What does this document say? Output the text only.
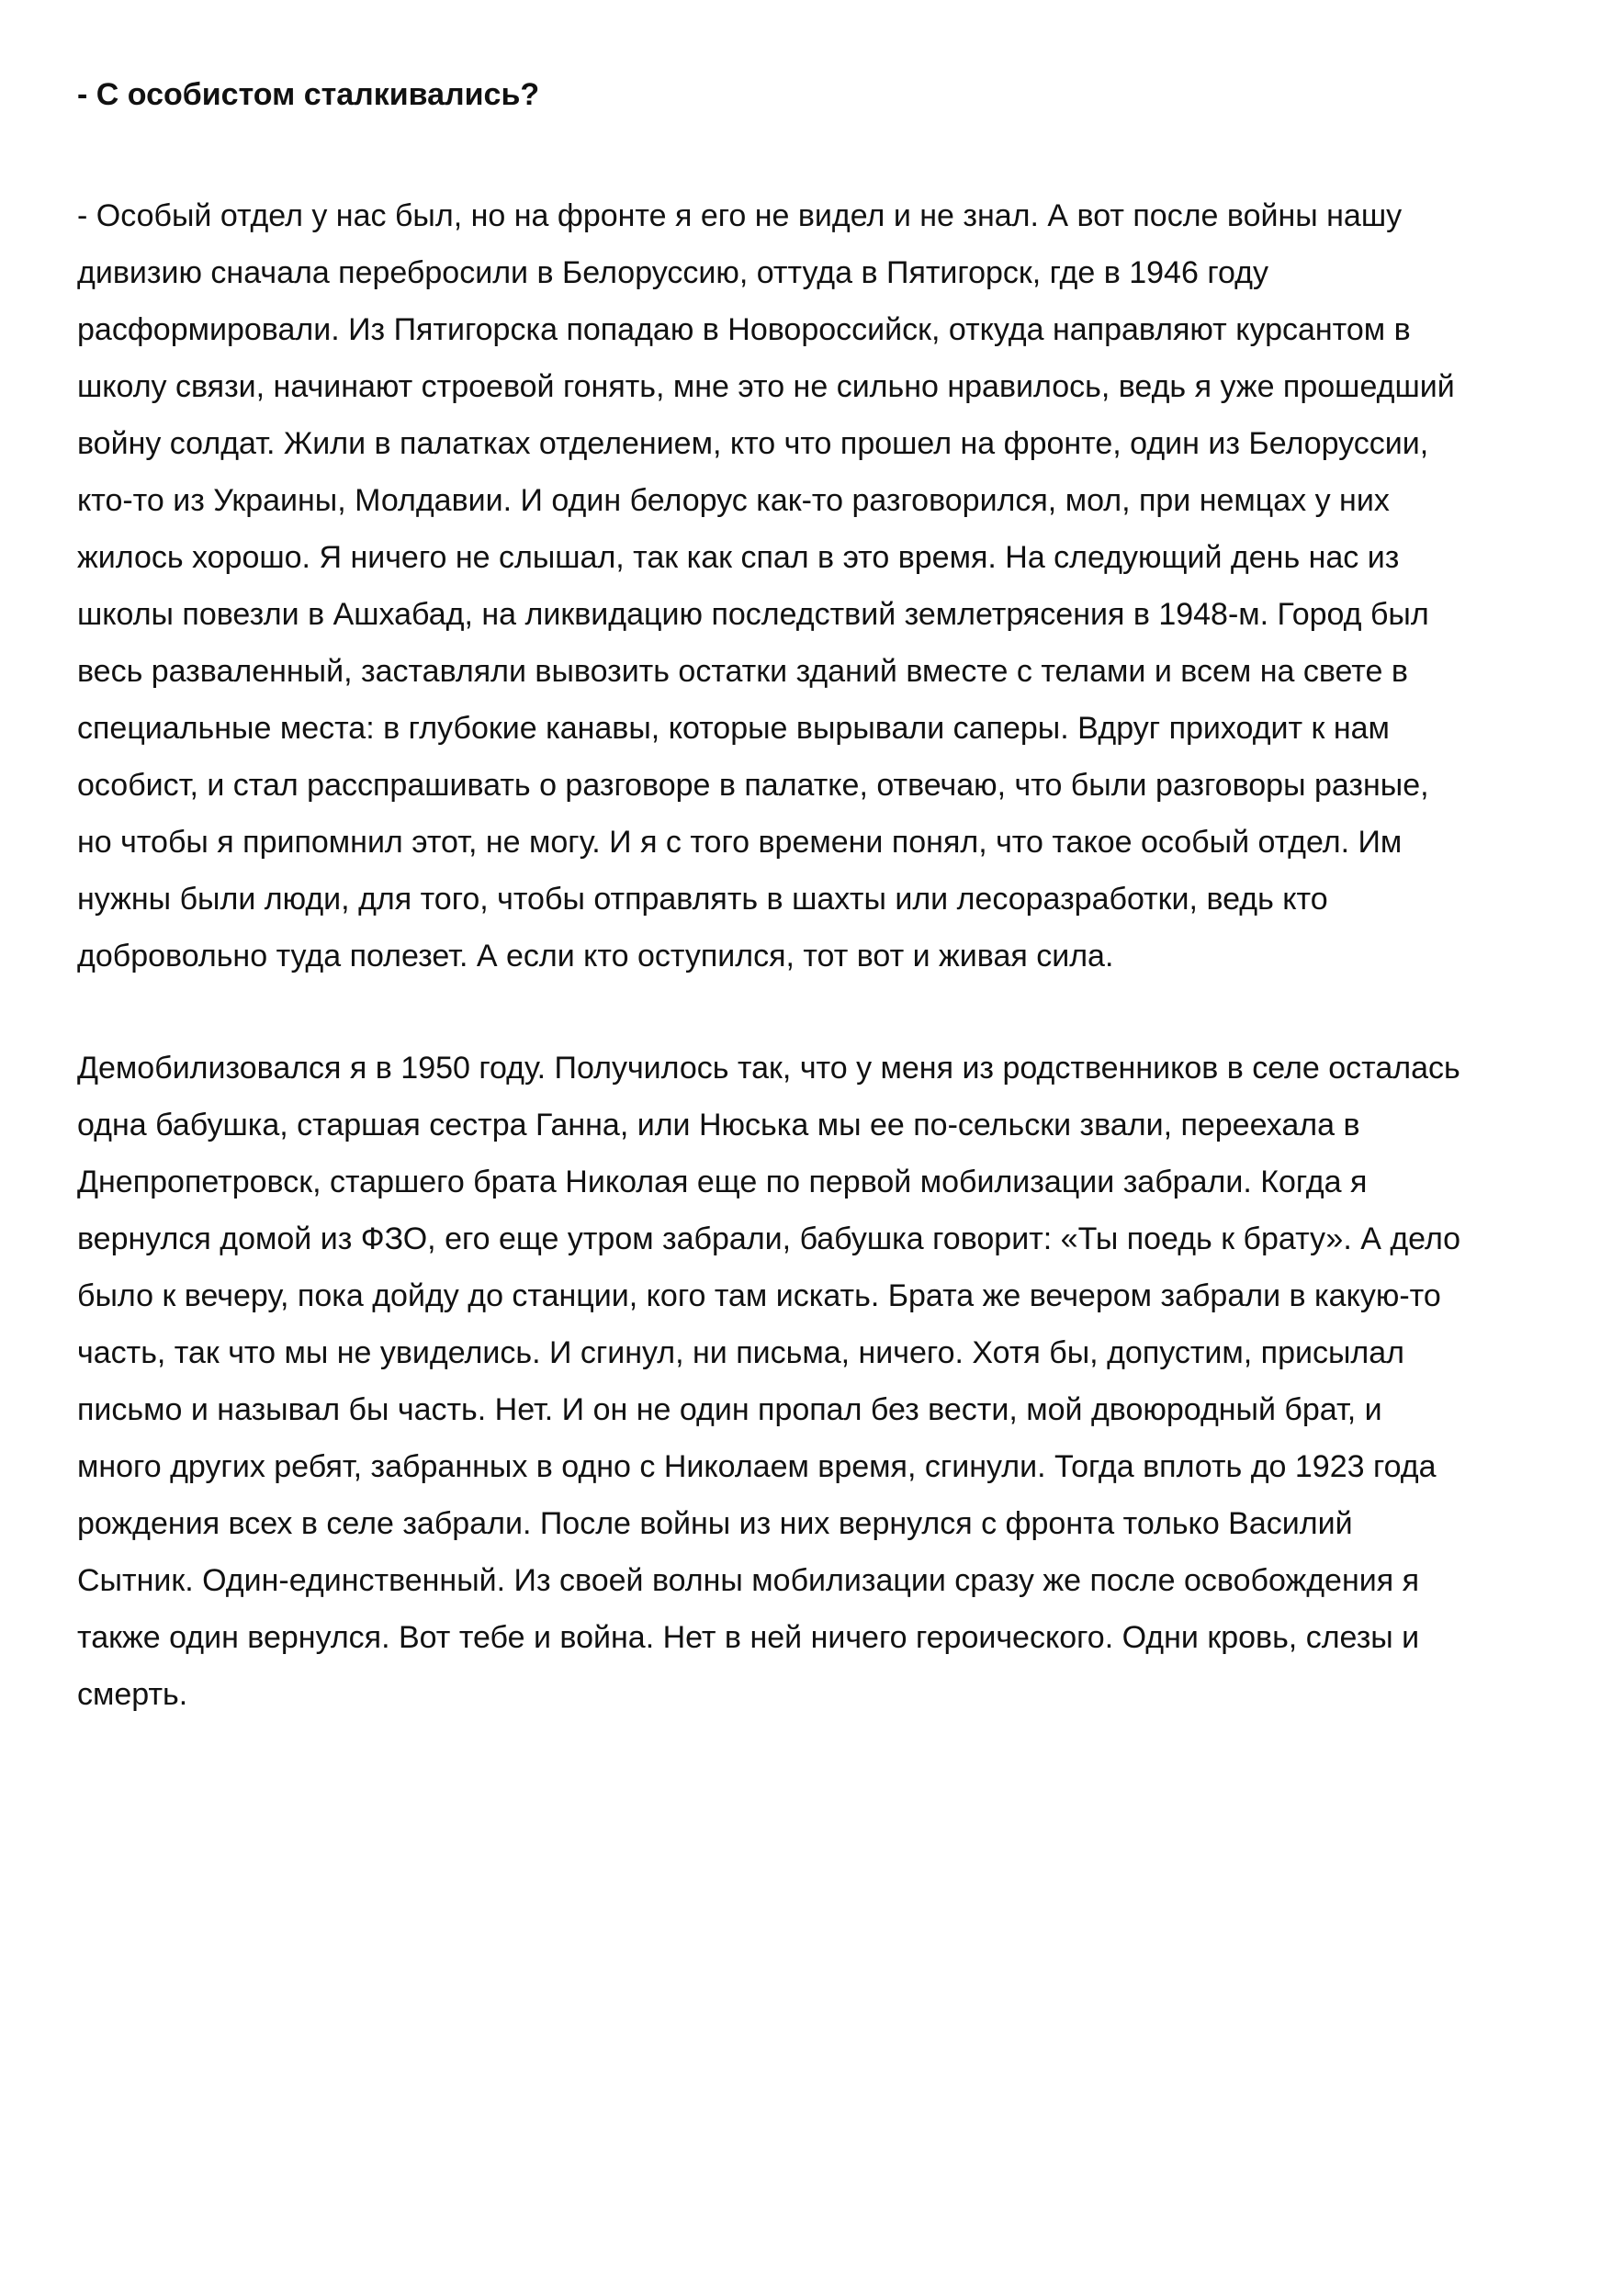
- С особистом сталкивались?

- Особый отдел у нас был, но на фронте я его не видел и не знал. А вот после войны нашу
дивизию сначала перебросили в Белоруссию, оттуда в Пятигорск, где в 1946 году
расформировали. Из Пятигорска попадаю в Новороссийск, откуда направляют курсантом в
школу связи, начинают строевой гонять, мне это не сильно нравилось, ведь я уже прошедший
войну солдат. Жили в палатках отделением, кто что прошел на фронте, один из Белоруссии,
кто-то из Украины, Молдавии. И один белорус как-то разговорился, мол, при немцах у них
жилось хорошо. Я ничего не слышал, так как спал в это время. На следующий день нас из
школы повезли в Ашхабад, на ликвидацию последствий землетрясения в 1948-м. Город был
весь разваленный, заставляли вывозить остатки зданий вместе с телами и всем на свете в
специальные места: в глубокие канавы, которые вырывали саперы. Вдруг приходит к нам
особист, и стал расспрашивать о разговоре в палатке, отвечаю, что были разговоры разные,
но чтобы я припомнил этот, не могу. И я с того времени понял, что такое особый отдел. Им
нужны были люди, для того, чтобы отправлять в шахты или лесоразработки, ведь кто
добровольно туда полезет. А если кто оступился, тот вот и живая сила.

Демобилизовался я в 1950 году. Получилось так, что у меня из родственников в селе осталась
одна бабушка, старшая сестра Ганна, или Нюська мы ее по-сельски звали, переехала в
Днепропетровск, старшего брата Николая еще по первой мобилизации забрали. Когда я
вернулся домой из ФЗО, его еще утром забрали, бабушка говорит: «Ты поедь к брату». А дело
было к вечеру, пока дойду до станции, кого там искать. Брата же вечером забрали в какую-то
часть, так что мы не увиделись. И сгинул, ни письма, ничего. Хотя бы, допустим, присылал
письмо и называл бы часть. Нет. И он не один пропал без вести, мой двоюродный брат, и
много других ребят, забранных в одно с Николаем время, сгинули. Тогда вплоть до 1923 года
рождения всех в селе забрали. После войны из них вернулся с фронта только Василий
Сытник. Один-единственный. Из своей волны мобилизации сразу же после освобождения я
также один вернулся. Вот тебе и война. Нет в ней ничего героического. Одни кровь, слезы и
смерть.
